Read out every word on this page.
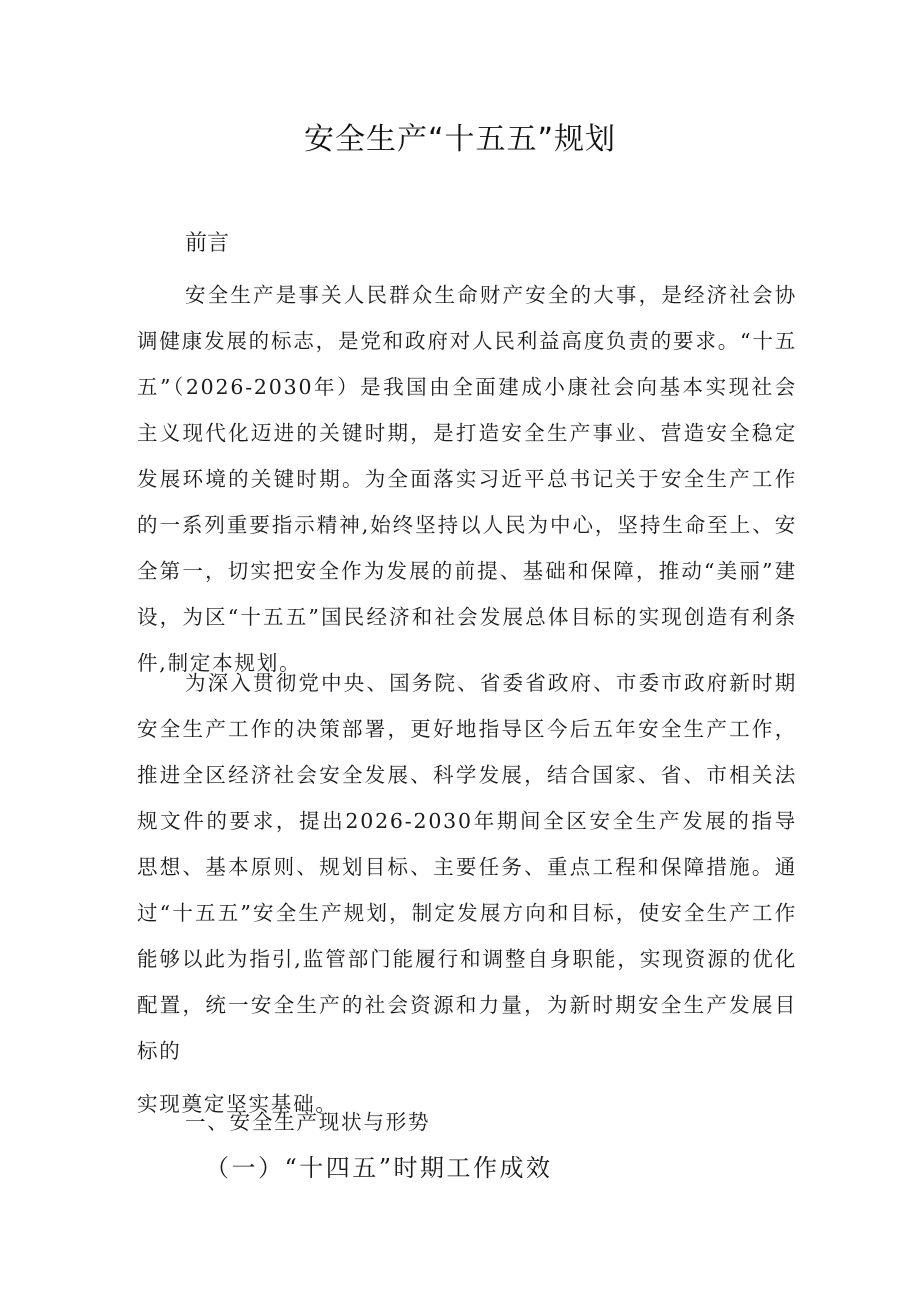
安全生产“十五五”规划

前言

安全生产是事关人民群众生命财产安全的大事，是经济社会协调健康发展的标志，是党和政府对人民利益高度负责的要求。“十五五”（2026-2030年）是我国由全面建成小康社会向基本实现社会主义现代化迈进的关键时期，是打造安全生产事业、营造安全稳定发展环境的关键时期。为全面落实习近平总书记关于安全生产工作的一系列重要指示精神,始终坚持以人民为中心，坚持生命至上、安全第一，切实把安全作为发展的前提、基础和保障，推动“美丽”建设，为区“十五五”国民经济和社会发展总体目标的实现创造有利条件,制定本规划。

为深入贯彻党中央、国务院、省委省政府、市委市政府新时期安全生产工作的决策部署，更好地指导区今后五年安全生产工作，推进全区经济社会安全发展、科学发展，结合国家、省、市相关法规文件的要求，提出2026-2030年期间全区安全生产发展的指导思想、基本原则、规划目标、主要任务、重点工程和保障措施。通过“十五五”安全生产规划，制定发展方向和目标，使安全生产工作能够以此为指引,监管部门能履行和调整自身职能，实现资源的优化配置，统一安全生产的社会资源和力量，为新时期安全生产发展目标的

实现奠定坚实基础。

一、安全生产现状与形势
（一）“十四五”时期工作成效
